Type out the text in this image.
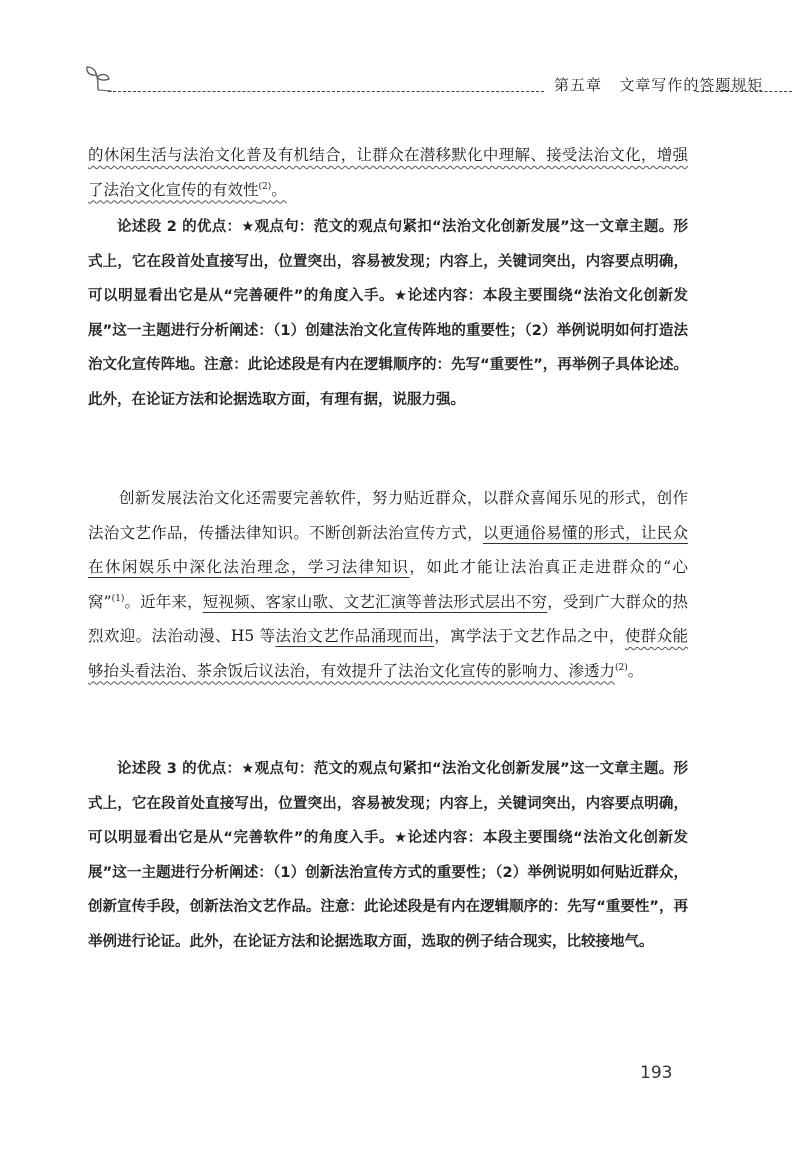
第五章 文章写作的答题规矩

的休闲生活与法治文化普及有机结合，让群众在潜移默化中理解、接受法治文化，增强了法治文化宣传的有效性$^{(2)}$。

论述段 2 的优点：★观点句：范文的观点句紧扣“法治文化创新发展”这一文章主题。形式上，它在段首处直接写出，位置突出，容易被发现；内容上，关键词突出，内容要点明确，可以明显看出它是从“完善硬件”的角度入手。★论述内容：本段主要围绕“法治文化创新发展”这一主题进行分析阐述：（1）创建法治文化宣传阵地的重要性；（2）举例说明如何打造法治文化宣传阵地。注意：此论述段是有内在逻辑顺序的：先写“重要性”，再举例子具体论述。此外，在论证方法和论据选取方面，有理有据，说服力强。

创新发展法治文化还需要完善软件，努力贴近群众，以群众喜闻乐见的形式，创作法治文艺作品，传播法律知识。不断创新法治宣传方式，以更通俗易懂的形式，让民众在休闲娱乐中深化法治理念，学习法律知识，如此才能让法治真正走进群众的“心窝”$^{(1)}$。近年来，短视频、客家山歌、文艺汇演等普法形式层出不穷，受到广大群众的热烈欢迎。法治动漫、H5 等法治文艺作品涌现而出，寓学法于文艺作品之中，使群众能够抬头看法治、茶余饭后议法治，有效提升了法治文化宣传的影响力、渗透力$^{(2)}$。

论述段 3 的优点：★观点句：范文的观点句紧扣“法治文化创新发展”这一文章主题。形式上，它在段首处直接写出，位置突出，容易被发现；内容上，关键词突出，内容要点明确，可以明显看出它是从“完善软件”的角度入手。★论述内容：本段主要围绕“法治文化创新发展”这一主题进行分析阐述：（1）创新法治宣传方式的重要性；（2）举例说明如何贴近群众，创新宣传手段，创新法治文艺作品。注意：此论述段是有内在逻辑顺序的：先写“重要性”，再举例进行论证。此外，在论证方法和论据选取方面，选取的例子结合现实，比较接地气。

193
